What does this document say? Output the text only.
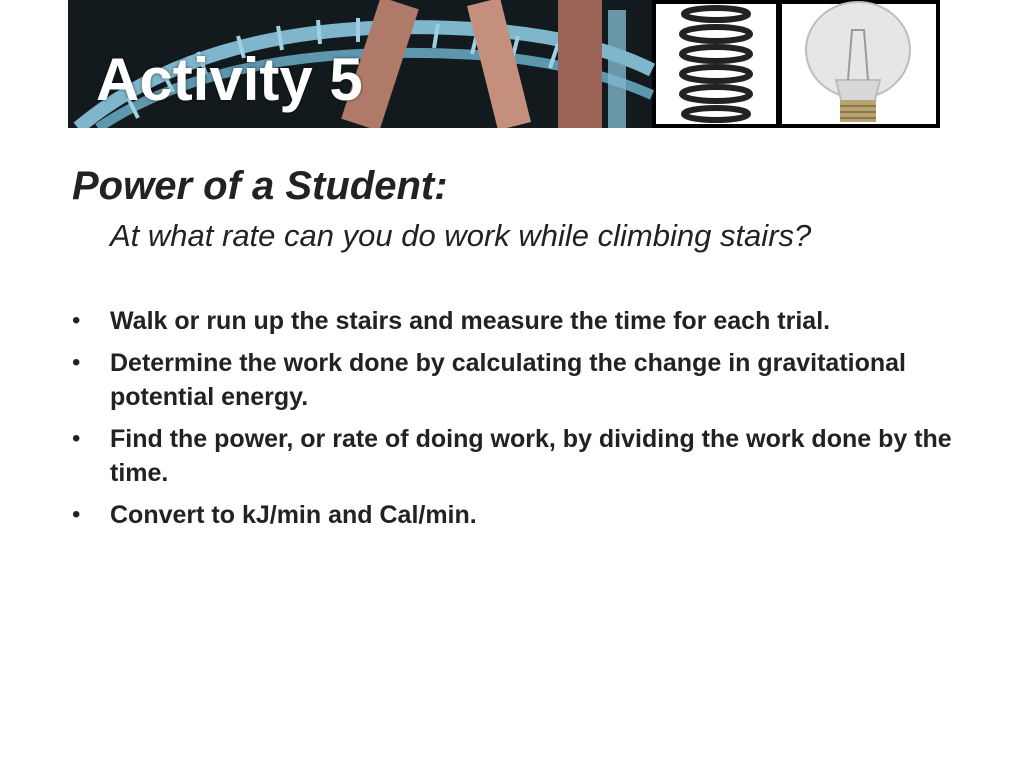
Activity 5
Power of a Student:
At what rate can you do work while climbing stairs?
• Walk or run up the stairs and measure the time for each trial.
• Determine the work done by calculating the change in gravitational potential energy.
• Find the power, or rate of doing work, by dividing the work done by the time.
• Convert to kJ/min and Cal/min.
